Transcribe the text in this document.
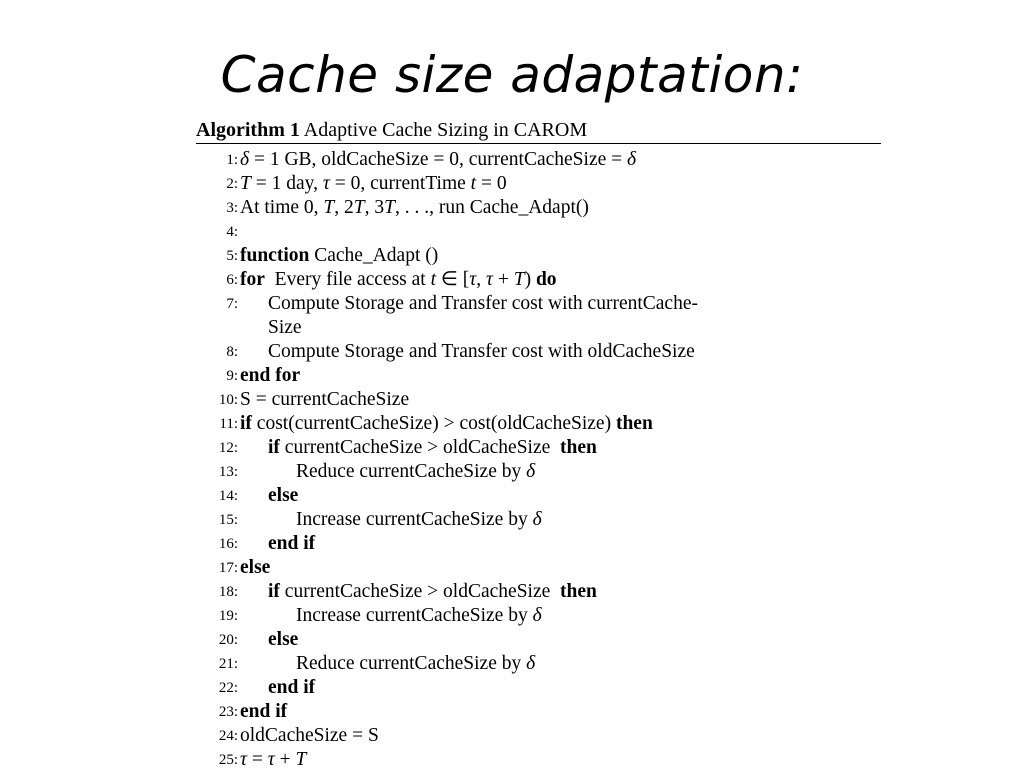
Cache size adaptation:
Algorithm 1 Adaptive Cache Sizing in CAROM
1: δ = 1 GB, oldCacheSize = 0, currentCacheSize = δ
2: T = 1 day, τ = 0, currentTime t = 0
3: At time 0, T, 2T, 3T, . . ., run Cache_Adapt()
4:
5: function Cache_Adapt ()
6: for  Every file access at t ∈ [τ, τ + T) do
7:	Compute Storage and Transfer cost with currentCache-
Size
8:	Compute Storage and Transfer cost with oldCacheSize
9: end for
10: S = currentCacheSize
11: if cost(currentCacheSize) > cost(oldCacheSize) then
12:	if currentCacheSize > oldCacheSize  then
13:	Reduce currentCacheSize by δ
14:	else
15:	Increase currentCacheSize by δ
16:	end if
17: else
18:	if currentCacheSize > oldCacheSize  then
19:	Increase currentCacheSize by δ
20:	else
21:	Reduce currentCacheSize by δ
22:	end if
23: end if
24: oldCacheSize = S
25: τ = τ + T
